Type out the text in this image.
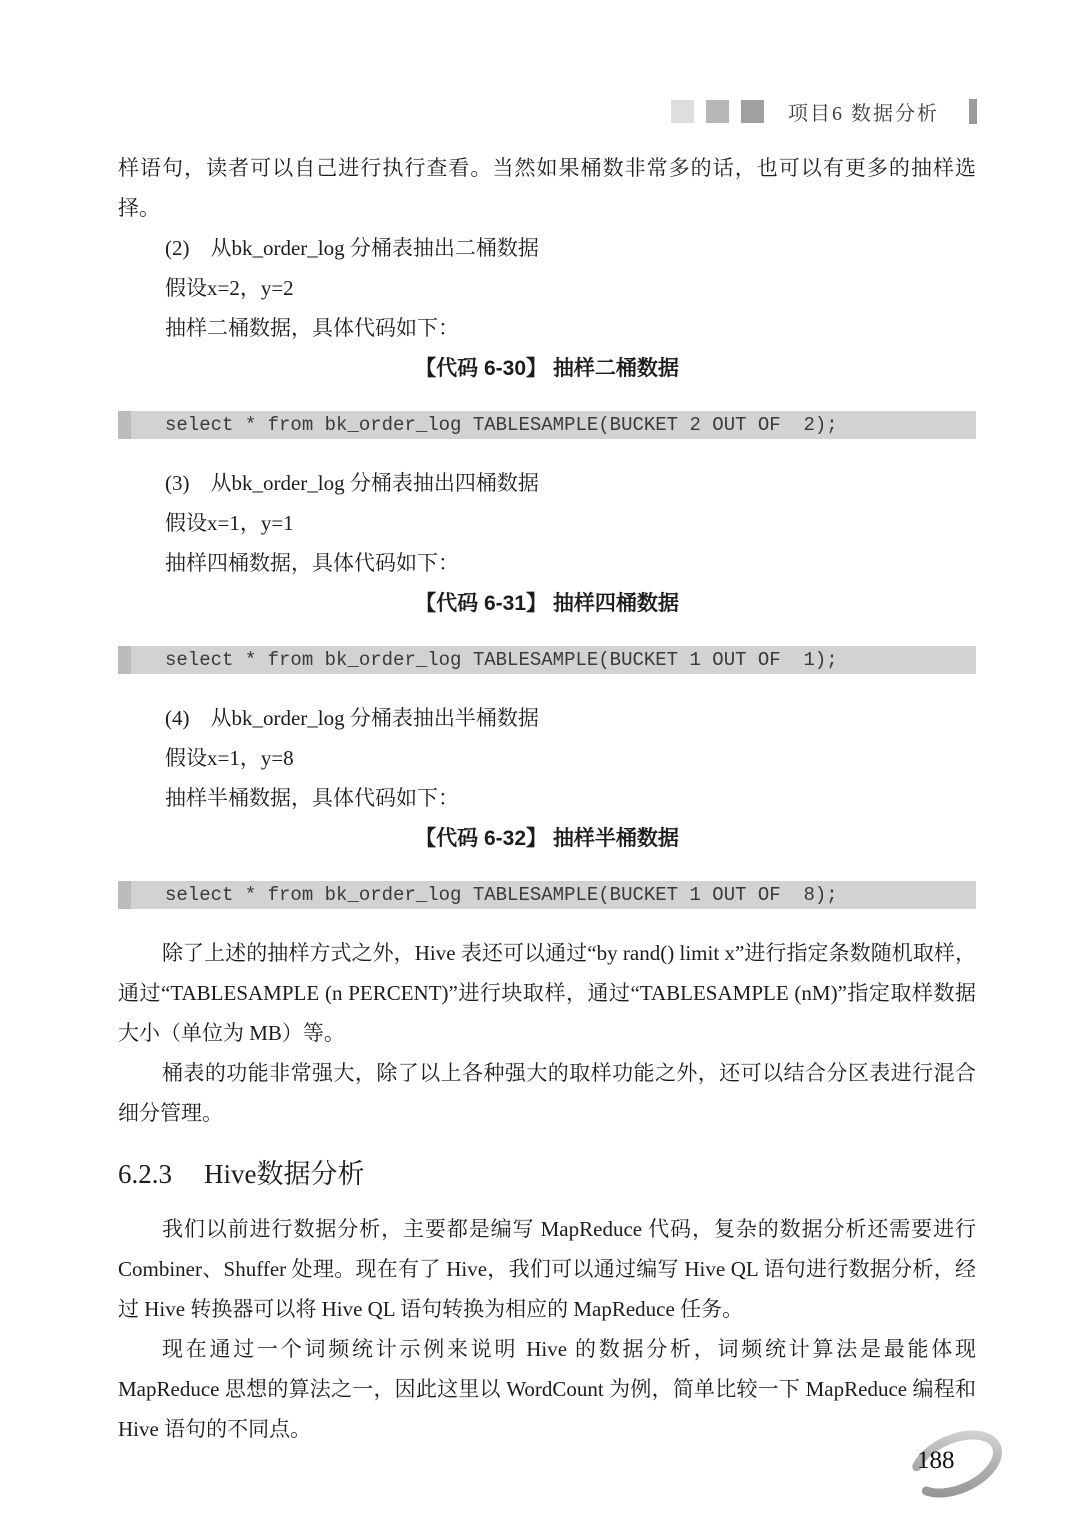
项目6 数据分析

样语句，读者可以自己进行执行查看。当然如果桶数非常多的话，也可以有更多的抽样选择。

(2)　从bk_order_log 分桶表抽出二桶数据
假设x=2，y=2
抽样二桶数据，具体代码如下：

【代码 6-30】 抽样二桶数据

select * from bk_order_log TABLESAMPLE(BUCKET 2 OUT OF  2);
(3)　从bk_order_log 分桶表抽出四桶数据
假设x=1，y=1
抽样四桶数据，具体代码如下：

【代码 6-31】 抽样四桶数据

select * from bk_order_log TABLESAMPLE(BUCKET 1 OUT OF  1);
(4)　从bk_order_log 分桶表抽出半桶数据
假设x=1，y=8
抽样半桶数据，具体代码如下：

【代码 6-32】 抽样半桶数据

select * from bk_order_log TABLESAMPLE(BUCKET 1 OUT OF  8);

除了上述的抽样方式之外，Hive 表还可以通过“by rand() limit x”进行指定条数随机取样，通过“TABLESAMPLE (n PERCENT)”进行块取样，通过“TABLESAMPLE (nM)”指定取样数据大小（单位为 MB）等。

桶表的功能非常强大，除了以上各种强大的取样功能之外，还可以结合分区表进行混合细分管理。

6.2.3 Hive数据分析

我们以前进行数据分析，主要都是编写 MapReduce 代码，复杂的数据分析还需要进行 Combiner、Shuffer 处理。现在有了 Hive，我们可以通过编写 Hive QL 语句进行数据分析，经过 Hive 转换器可以将 Hive QL 语句转换为相应的 MapReduce 任务。

现在通过一个词频统计示例来说明 Hive 的数据分析，词频统计算法是最能体现 MapReduce 思想的算法之一，因此这里以 WordCount 为例，简单比较一下 MapReduce 编程和 Hive 语句的不同点。

188
